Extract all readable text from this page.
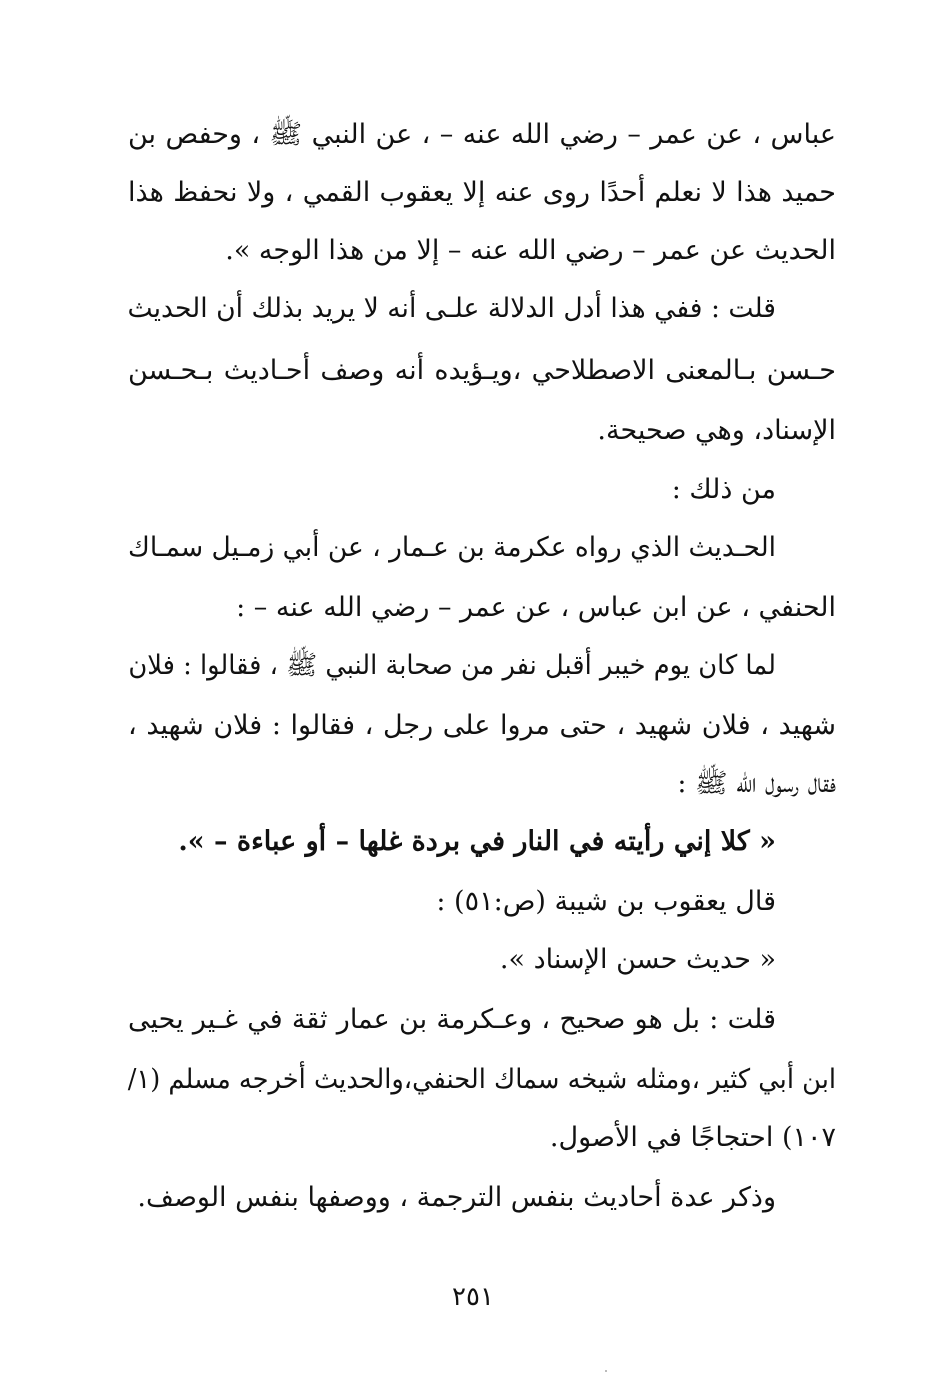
عباس ، عن عمر – رضي الله عنه – ، عن النبي ﷺ ، وحفص بن
حميد هذا لا نعلم أحدًا روى عنه إلا يعقوب القمي ، ولا نحفظ هذا
الحديث عن عمر – رضي الله عنه – إلا من هذا الوجه ».
قلت : ففي هذا أدل الدلالة علـى أنه لا يريد بذلك أن الحديث
حـسن بـالمعنى الاصطلاحي ،ويـؤيده أنه وصف أحـاديث بـحـسن
الإسناد، وهي صحيحة.
من ذلك :
الحـديث الذي رواه عكرمة بن عـمار ، عن أبي زمـيل سمـاك
الحنفي ، عن ابن عباس ، عن عمر – رضي الله عنه – :
لما كان يوم خيبر أقبل نفر من صحابة النبي ﷺ ، فقالوا : فلان
شهيد ، فلان شهيد ، حتى مروا على رجل ، فقالوا : فلان شهيد ،
فقال رسول الله ﷺ :
« كلا إني رأيته في النار في بردة غلها – أو عباءة – ».
قال يعقوب بن شيبة (ص:٥١) :
« حديث حسن الإسناد ».
قلت : بل هو صحيح ، وعـكرمة بن عمار ثقة في غـير يحيى
ابن أبي كثير ،ومثله شيخه سماك الحنفي،والحديث أخرجه مسلم (١/
١٠٧) احتجاجًا في الأصول.
وذكر عدة أحاديث بنفس الترجمة ، ووصفها بنفس الوصف.
٢٥١
